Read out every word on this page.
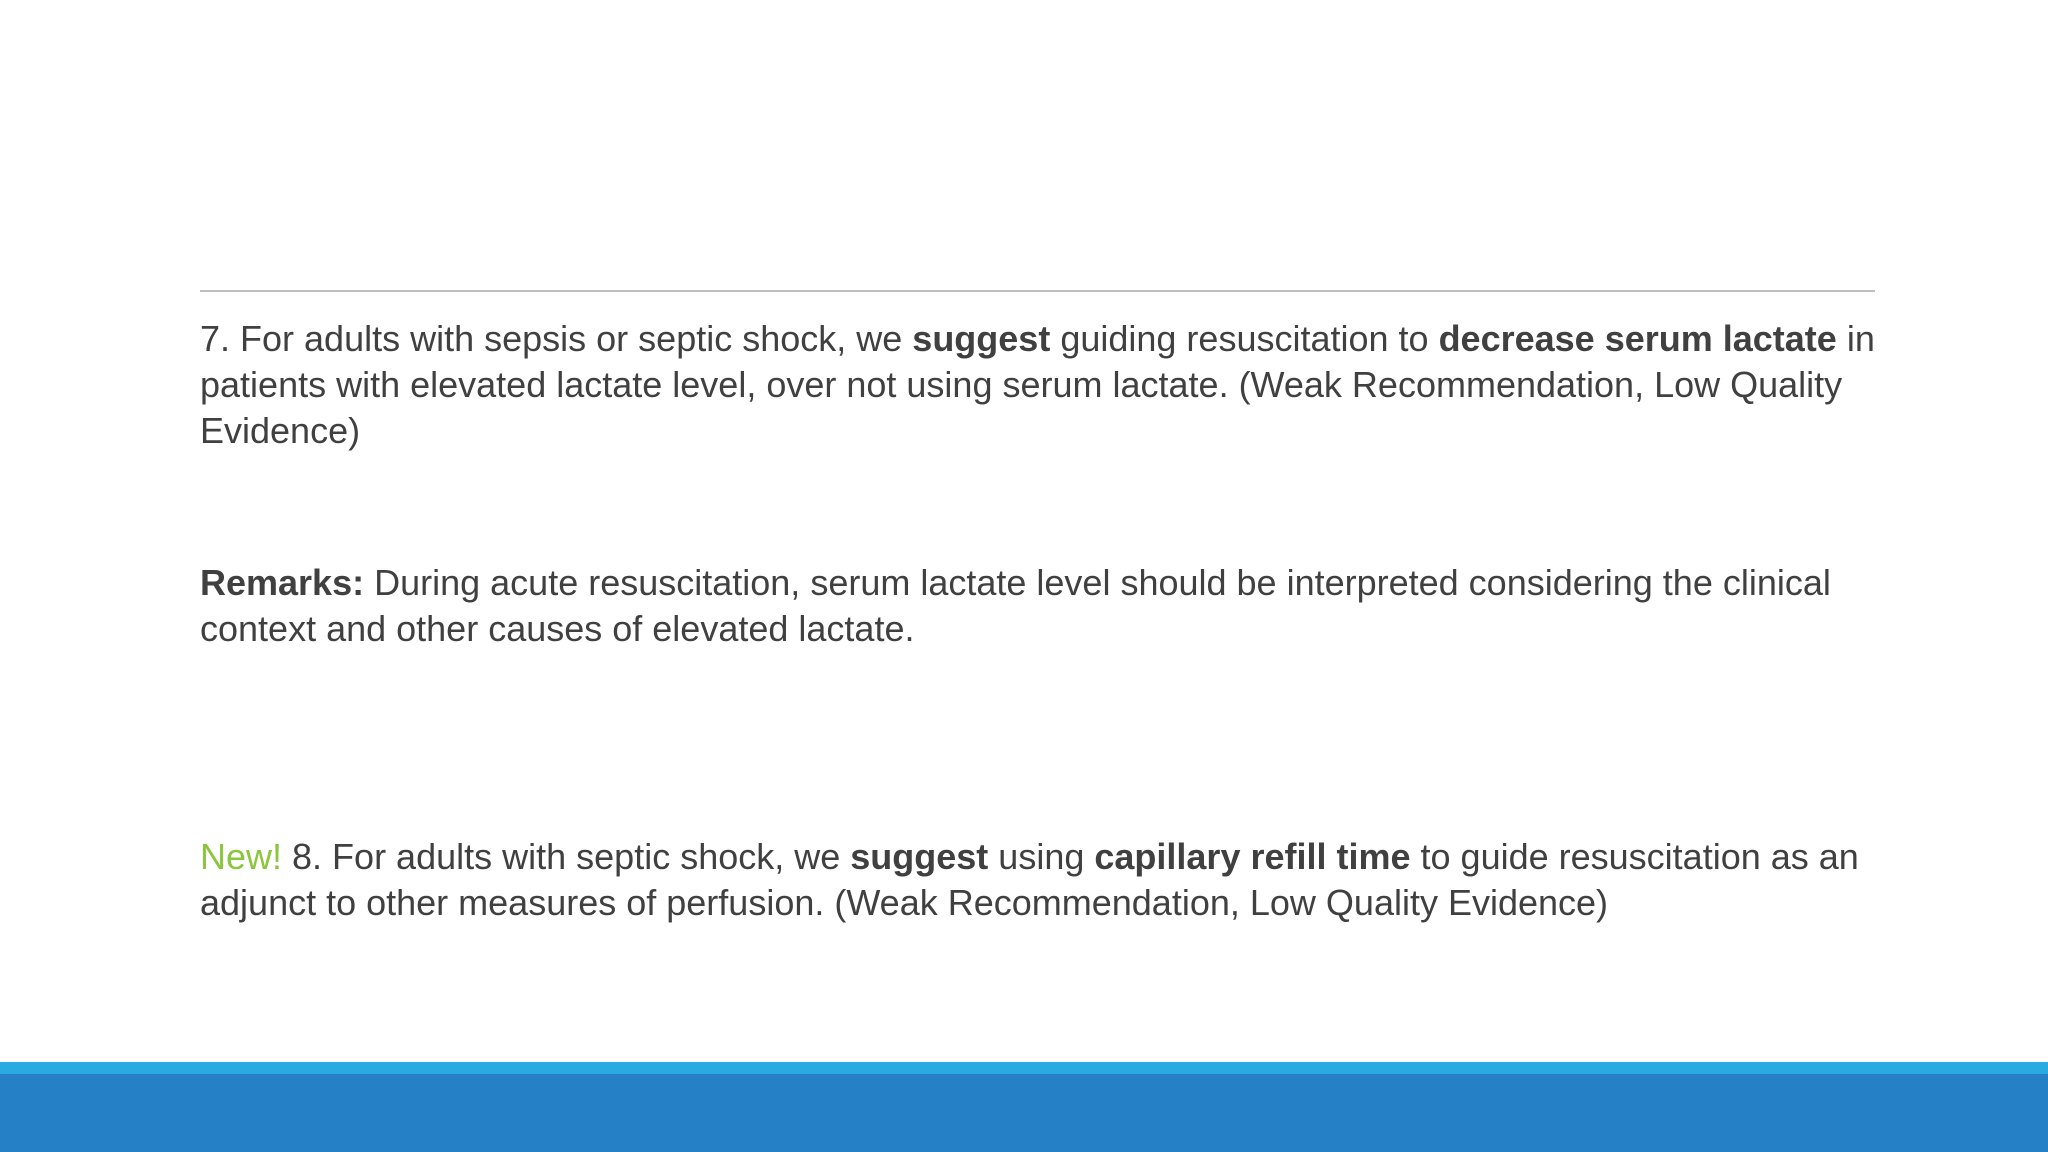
7. For adults with sepsis or septic shock, we suggest guiding resuscitation to decrease serum lactate in patients with elevated lactate level, over not using serum lactate. (Weak Recommendation, Low Quality Evidence)
Remarks: During acute resuscitation, serum lactate level should be interpreted considering the clinical context and other causes of elevated lactate.
New! 8. For adults with septic shock, we suggest using capillary refill time to guide resuscitation as an adjunct to other measures of perfusion. (Weak Recommendation, Low Quality Evidence)
